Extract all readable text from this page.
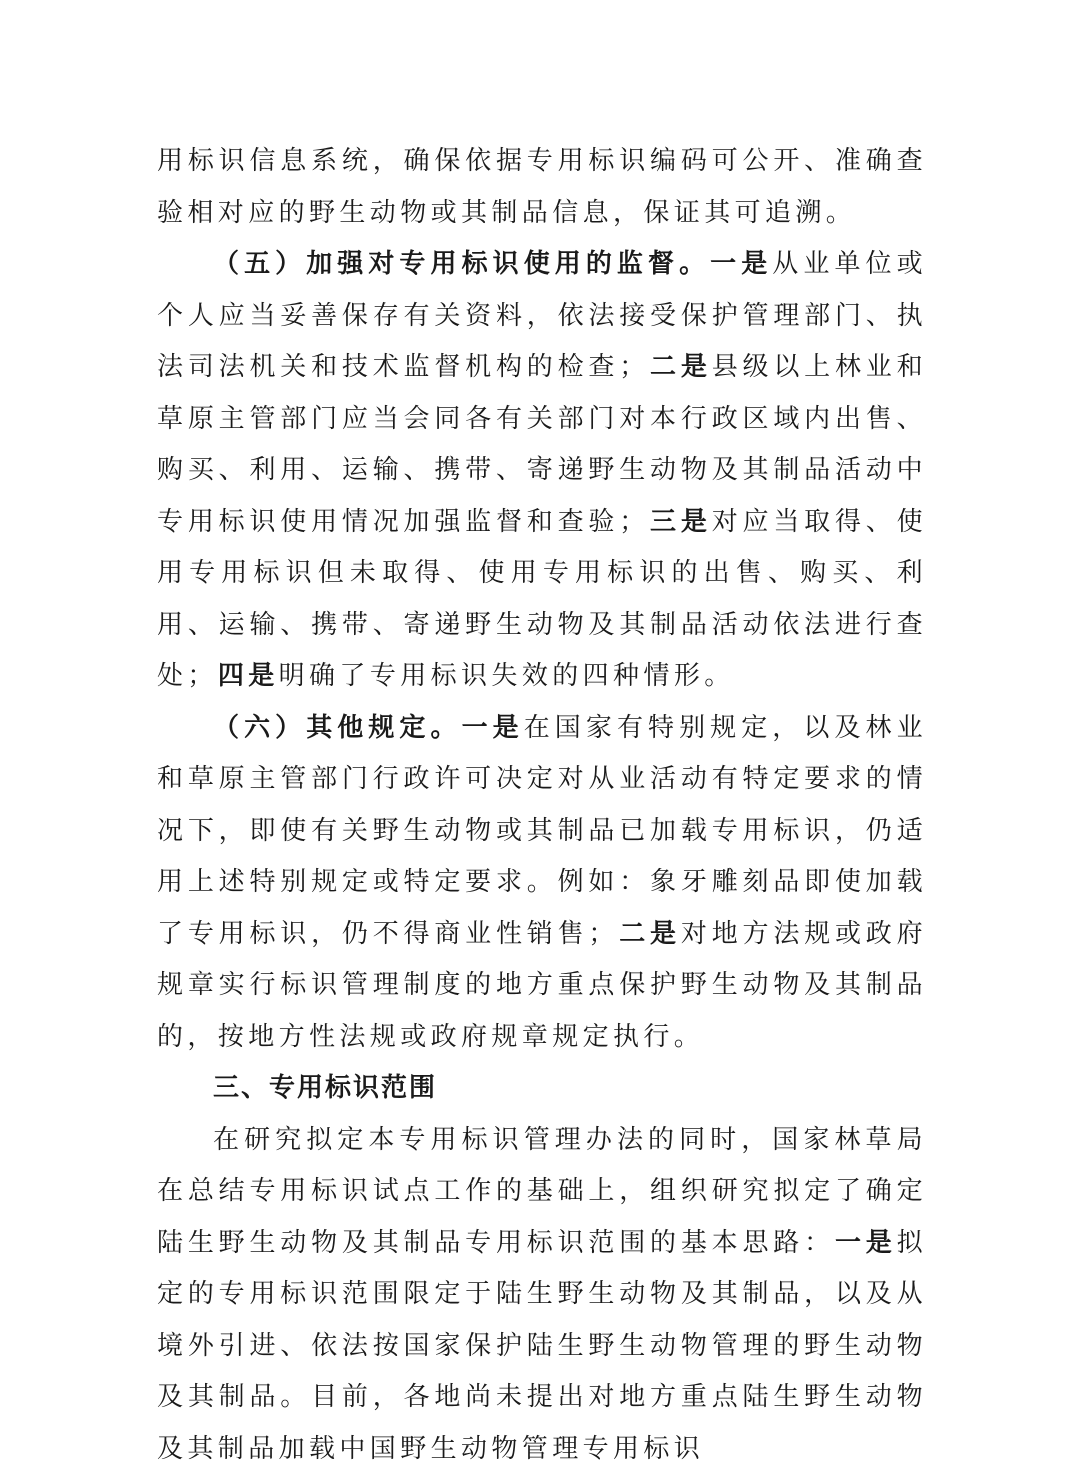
用标识信息系统，确保依据专用标识编码可公开、准确查验相对应的野生动物或其制品信息，保证其可追溯。

（五）加强对专用标识使用的监督。一是从业单位或个人应当妥善保存有关资料，依法接受保护管理部门、执法司法机关和技术监督机构的检查；二是县级以上林业和草原主管部门应当会同各有关部门对本行政区域内出售、购买、利用、运输、携带、寄递野生动物及其制品活动中专用标识使用情况加强监督和查验；三是对应当取得、使用专用标识但未取得、使用专用标识的出售、购买、利用、运输、携带、寄递野生动物及其制品活动依法进行查处；四是明确了专用标识失效的四种情形。

（六）其他规定。一是在国家有特别规定，以及林业和草原主管部门行政许可决定对从业活动有特定要求的情况下，即使有关野生动物或其制品已加载专用标识，仍适用上述特别规定或特定要求。例如：象牙雕刻品即使加载了专用标识，仍不得商业性销售；二是对地方法规或政府规章实行标识管理制度的地方重点保护野生动物及其制品的，按地方性法规或政府规章规定执行。

三、专用标识范围

在研究拟定本专用标识管理办法的同时，国家林草局在总结专用标识试点工作的基础上，组织研究拟定了确定陆生野生动物及其制品专用标识范围的基本思路：一是拟定的专用标识范围限定于陆生野生动物及其制品，以及从境外引进、依法按国家保护陆生野生动物管理的野生动物及其制品。目前，各地尚未提出对地方重点陆生野生动物及其制品加载中国野生动物管理专用标识
